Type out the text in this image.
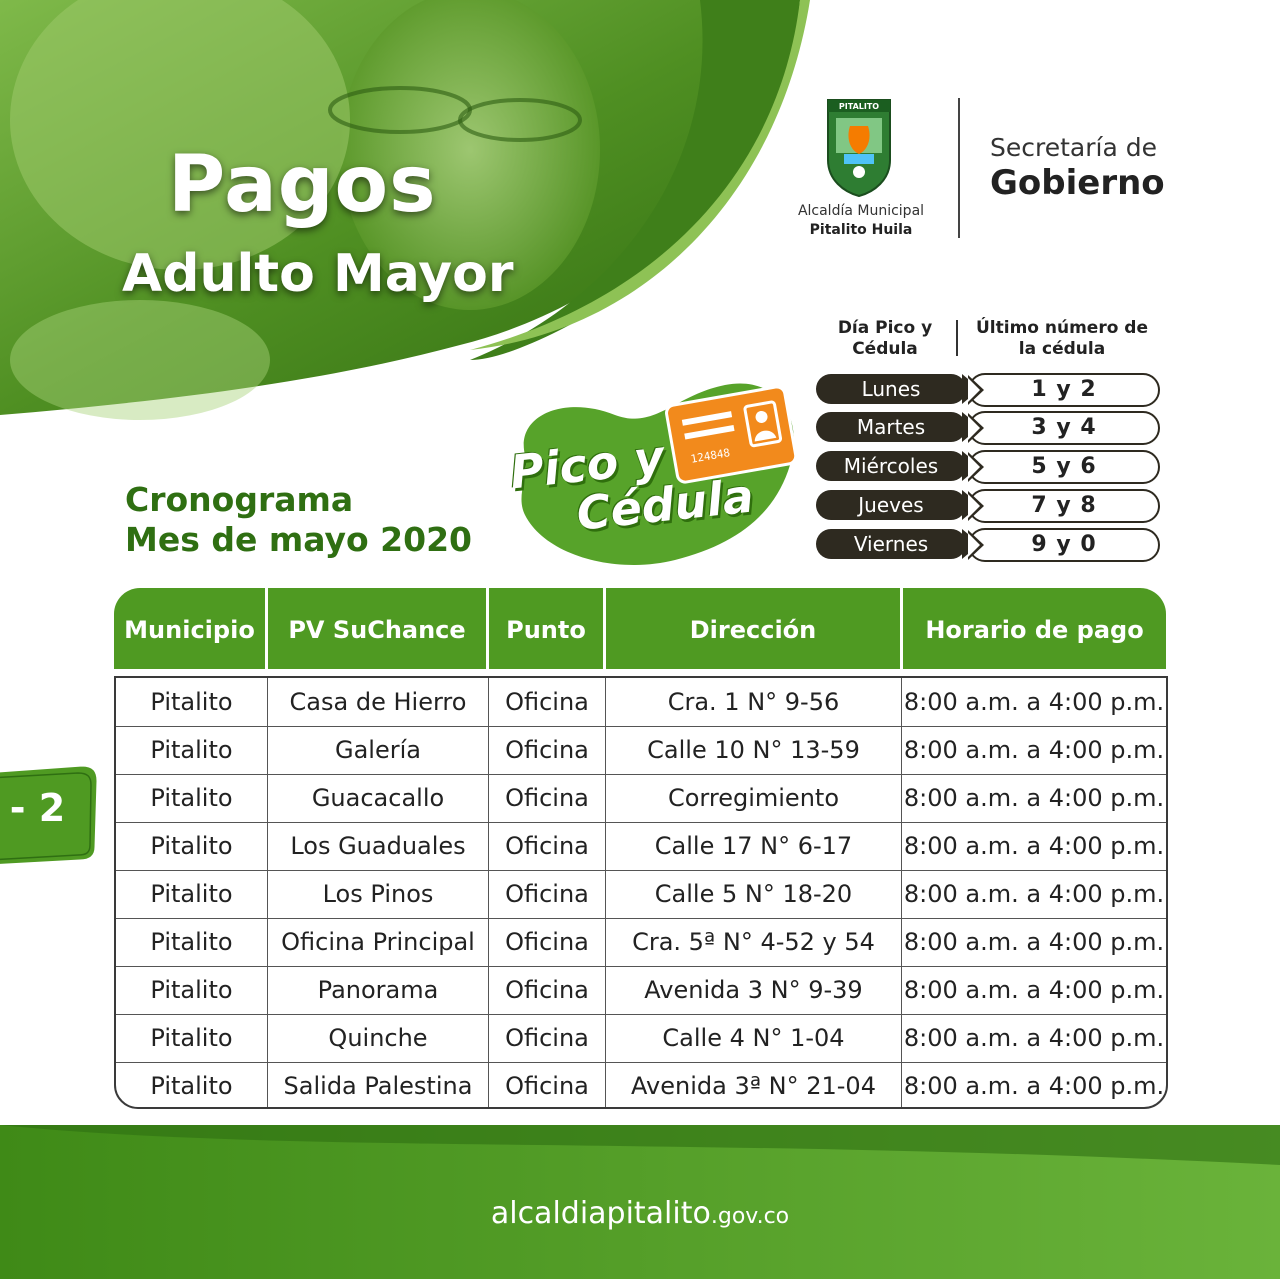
Pagos
Adulto Mayor
PITALITO
Alcaldía Municipal
Pitalito Huila
Secretaría de
Gobierno
Día Pico y Cédula
Último número de la cédula
Lunes	1 y 2
Martes	3 y 4
Miércoles	5 y 6
Jueves	7 y 8
Viernes	9 y 0
124848
Pico y
Cédula
Cronograma
Mes de mayo 2020
Municipio	PV SuChance	Punto	Dirección	Horario de pago
Pitalito	Casa de Hierro	Oficina	Cra. 1 N° 9-56	8:00 a.m. a 4:00 p.m.
Pitalito	Galería	Oficina	Calle 10 N° 13-59	8:00 a.m. a 4:00 p.m.
Pitalito	Guacacallo	Oficina	Corregimiento	8:00 a.m. a 4:00 p.m.
Pitalito	Los Guaduales	Oficina	Calle 17 N° 6-17	8:00 a.m. a 4:00 p.m.
Pitalito	Los Pinos	Oficina	Calle 5 N° 18-20	8:00 a.m. a 4:00 p.m.
Pitalito	Oficina Principal	Oficina	Cra. 5ª N° 4-52 y 54	8:00 a.m. a 4:00 p.m.
Pitalito	Panorama	Oficina	Avenida 3 N° 9-39	8:00 a.m. a 4:00 p.m.
Pitalito	Quinche	Oficina	Calle 4 N° 1-04	8:00 a.m. a 4:00 p.m.
Pitalito	Salida Palestina	Oficina	Avenida 3ª N° 21-04	8:00 a.m. a 4:00 p.m.
- 2
alcaldiapitalito.gov.co
